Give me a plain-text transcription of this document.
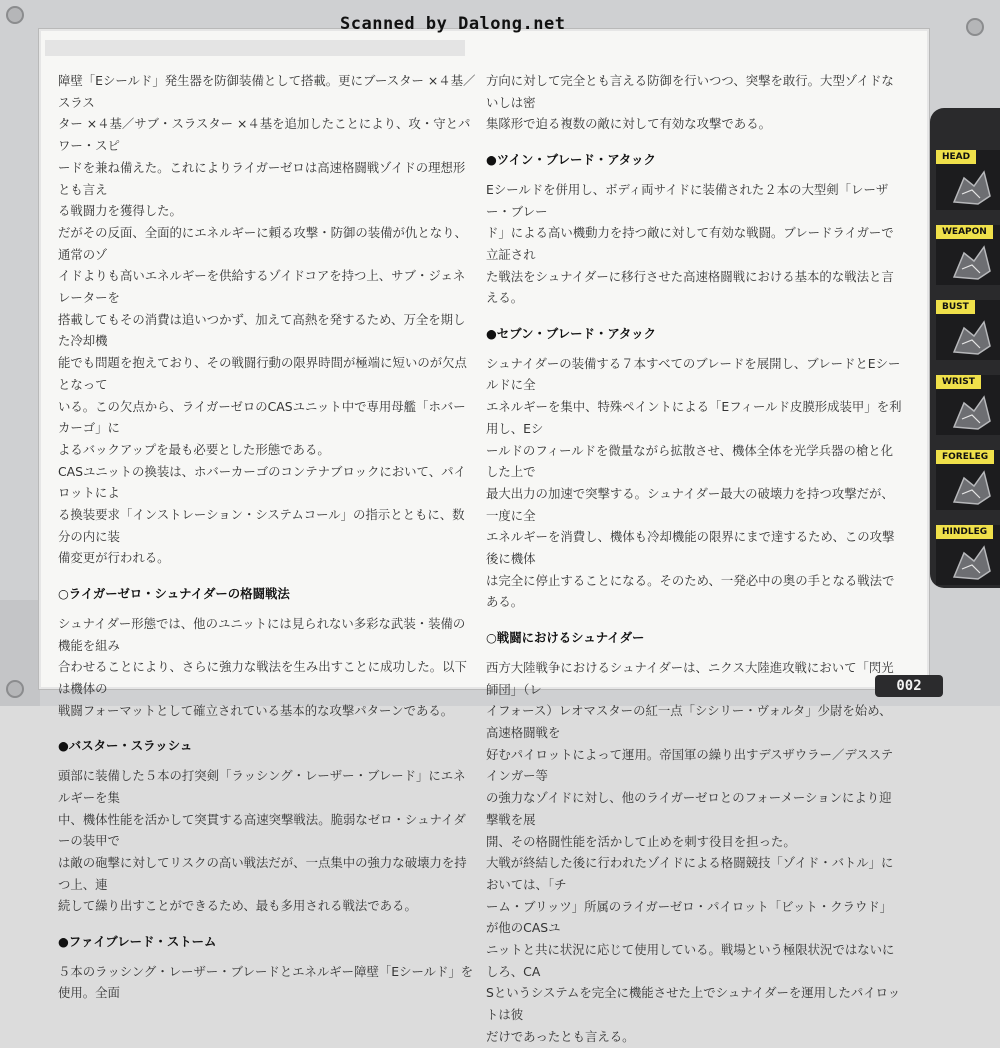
Scanned by Dalong.net

障壁「Eシールド」発生器を防御装備として搭載。更にブースター ×４基／スラス

ター ×４基／サブ・スラスター ×４基を追加したことにより、攻・守とパワー・スピ

ードを兼ね備えた。これによりライガーゼロは高速格闘戦ゾイドの理想形とも言え

る戦闘力を獲得した。

だがその反面、全面的にエネルギーに頼る攻撃・防御の装備が仇となり、通常のゾ

イドよりも高いエネルギーを供給するゾイドコアを持つ上、サブ・ジェネレーターを

搭載してもその消費は追いつかず、加えて高熱を発するため、万全を期した冷却機

能でも問題を抱えており、その戦闘行動の限界時間が極端に短いのが欠点となって

いる。この欠点から、ライガーゼロのCASユニット中で専用母艦「ホバーカーゴ」に

よるバックアップを最も必要とした形態である。

CASユニットの換装は、ホバーカーゴのコンテナブロックにおいて、パイロットによ

る換装要求「インストレーション・システムコール」の指示とともに、数分の内に装

備変更が行われる。

○ライガーゼロ・シュナイダーの格闘戦法

シュナイダー形態では、他のユニットには見られない多彩な武装・装備の機能を組み

合わせることにより、さらに強力な戦法を生み出すことに成功した。以下は機体の

戦闘フォーマットとして確立されている基本的な攻撃パターンである。

●バスター・スラッシュ

頭部に装備した５本の打突剣「ラッシング・レーザー・ブレード」にエネルギーを集

中、機体性能を活かして突貫する高速突撃戦法。脆弱なゼロ・シュナイダーの装甲で

は敵の砲撃に対してリスクの高い戦法だが、一点集中の強力な破壊力を持つ上、連

続して繰り出すことができるため、最も多用される戦法である。

●ファイブレード・ストーム

５本のラッシング・レーザー・ブレードとエネルギー障壁「Eシールド」を使用。全面

方向に対して完全とも言える防御を行いつつ、突撃を敢行。大型ゾイドないしは密

集隊形で迫る複数の敵に対して有効な攻撃である。

●ツイン・ブレード・アタック

Eシールドを併用し、ボディ両サイドに装備された２本の大型剣「レーザー・ブレー

ド」による高い機動力を持つ敵に対して有効な戦闘。ブレードライガーで立証され

た戦法をシュナイダーに移行させた高速格闘戦における基本的な戦法と言える。

●セブン・ブレード・アタック

シュナイダーの装備する７本すべてのブレードを展開し、ブレードとEシールドに全

エネルギーを集中、特殊ペイントによる「Eフィールド皮膜形成装甲」を利用し、Eシ

ールドのフィールドを微量ながら拡散させ、機体全体を光学兵器の槍と化した上で

最大出力の加速で突撃する。シュナイダー最大の破壊力を持つ攻撃だが、一度に全

エネルギーを消費し、機体も冷却機能の限界にまで達するため、この攻撃後に機体

は完全に停止することになる。そのため、一発必中の奥の手となる戦法である。

○戦闘におけるシュナイダー

西方大陸戦争におけるシュナイダーは、ニクス大陸進攻戦において「閃光師団」（レ

イフォース）レオマスターの紅一点「シシリー・ヴォルタ」少尉を始め、高速格闘戦を

好むパイロットによって運用。帝国軍の繰り出すデスザウラー／デスステインガー等

の強力なゾイドに対し、他のライガーゼロとのフォーメーションにより迎撃戦を展

開、その格闘性能を活かして止めを刺す役目を担った。

大戦が終結した後に行われたゾイドによる格闘競技「ゾイド・バトル」においては、「チ

ーム・ブリッツ」所属のライガーゼロ・パイロット「ビット・クラウド」が他のCASユ

ニットと共に状況に応じて使用している。戦場という極限状況ではないにしろ、CA

Sというシステムを完全に機能させた上でシュナイダーを運用したパイロットは彼

だけであったとも言える。

HEAD
WEAPON
BUST
WRIST
FORELEG
HINDLEG
002
